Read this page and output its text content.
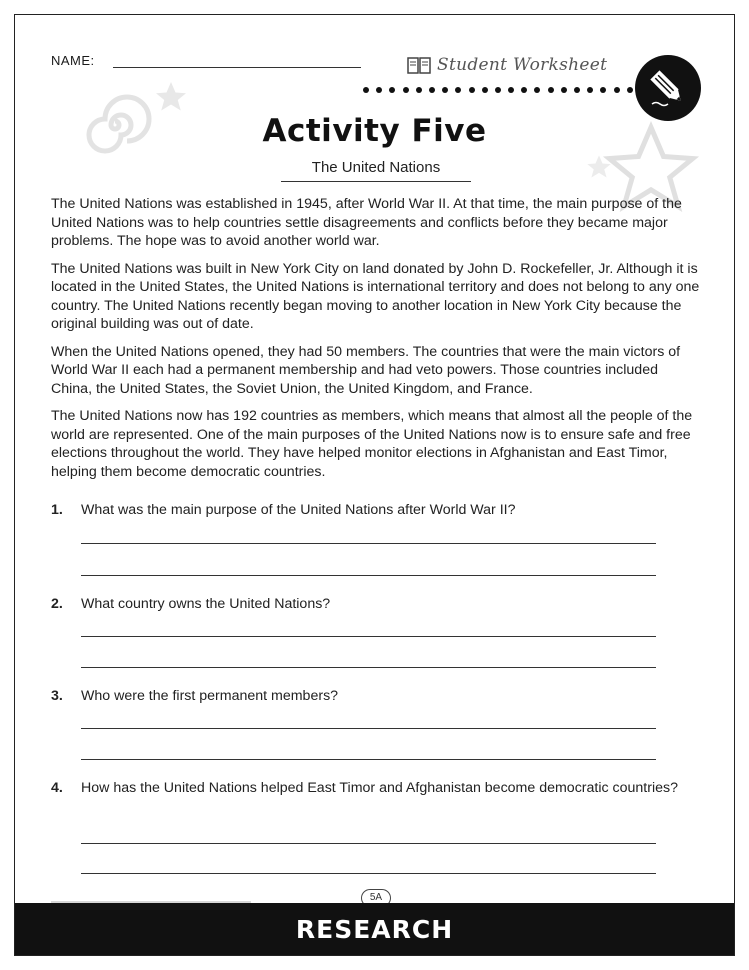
NAME:	Student Worksheet
Activity Five
The United Nations

The United Nations was established in 1945, after World War II. At that time, the main purpose of the United Nations was to help countries settle disagreements and conflicts before they became major problems. The hope was to avoid another world war.

The United Nations was built in New York City on land donated by John D. Rockefeller, Jr. Although it is located in the United States, the United Nations is international territory and does not belong to any one country. The United Nations recently began moving to another location in New York City because the original building was out of date.

When the United Nations opened, they had 50 members. The countries that were the main victors of World War II each had a permanent membership and had veto powers. Those countries included China, the United States, the Soviet Union, the United Kingdom, and France.

The United Nations now has 192 countries as members, which means that almost all the people of the world are represented. One of the main purposes of the United Nations now is to ensure safe and free elections throughout the world. They have helped monitor elections in Afghanistan and East Timor, helping them become democratic countries.

1. What was the main purpose of the United Nations after World War II?
2. What country owns the United Nations?
3. Who were the first permanent members?
4. How has the United Nations helped East Timor and Afghanistan become democratic countries?
5A
RESEARCH
